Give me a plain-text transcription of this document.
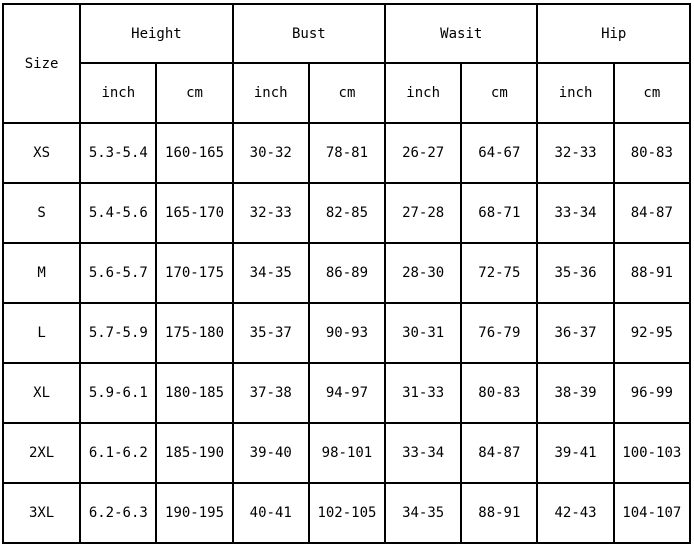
Size	Height		Bust		Wasit		Hip	
	inch	cm	inch	cm	inch	cm	inch	cm
XS	5.3-5.4	160-165	30-32	78-81	26-27	64-67	32-33	80-83
S	5.4-5.6	165-170	32-33	82-85	27-28	68-71	33-34	84-87
M	5.6-5.7	170-175	34-35	86-89	28-30	72-75	35-36	88-91
L	5.7-5.9	175-180	35-37	90-93	30-31	76-79	36-37	92-95
XL	5.9-6.1	180-185	37-38	94-97	31-33	80-83	38-39	96-99
2XL	6.1-6.2	185-190	39-40	98-101	33-34	84-87	39-41	100-103
3XL	6.2-6.3	190-195	40-41	102-105	34-35	88-91	42-43	104-107
